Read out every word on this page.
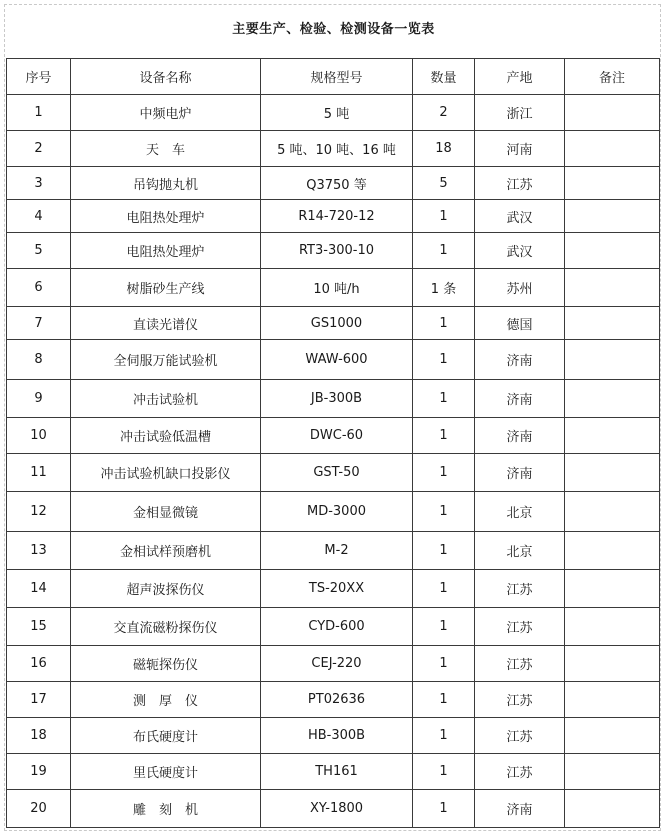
主要生产、检验、检测设备一览表
序号	设备名称	规格型号	数量	产地	备注
1	中频电炉	5 吨	2	浙江	
2	天　车	5 吨、10 吨、16 吨	18	河南	
3	吊钩抛丸机	Q3750 等	5	江苏	
4	电阻热处理炉	R14-720-12	1	武汉	
5	电阻热处理炉	RT3-300-10	1	武汉	
6	树脂砂生产线	10 吨/h	1 条	苏州	
7	直读光谱仪	GS1000	1	德国	
8	全伺服万能试验机	WAW-600	1	济南	
9	冲击试验机	JB-300B	1	济南	
10	冲击试验低温槽	DWC-60	1	济南	
11	冲击试验机缺口投影仪	GST-50	1	济南	
12	金相显微镜	MD-3000	1	北京	
13	金相试样预磨机	M-2	1	北京	
14	超声波探伤仪	TS-20XX	1	江苏	
15	交直流磁粉探伤仪	CYD-600	1	江苏	
16	磁轭探伤仪	CEJ-220	1	江苏	
17	测　厚　仪	PT02636	1	江苏	
18	布氏硬度计	HB-300B	1	江苏	
19	里氏硬度计	TH161	1	江苏	
20	雕　刻　机	XY-1800	1	济南	
